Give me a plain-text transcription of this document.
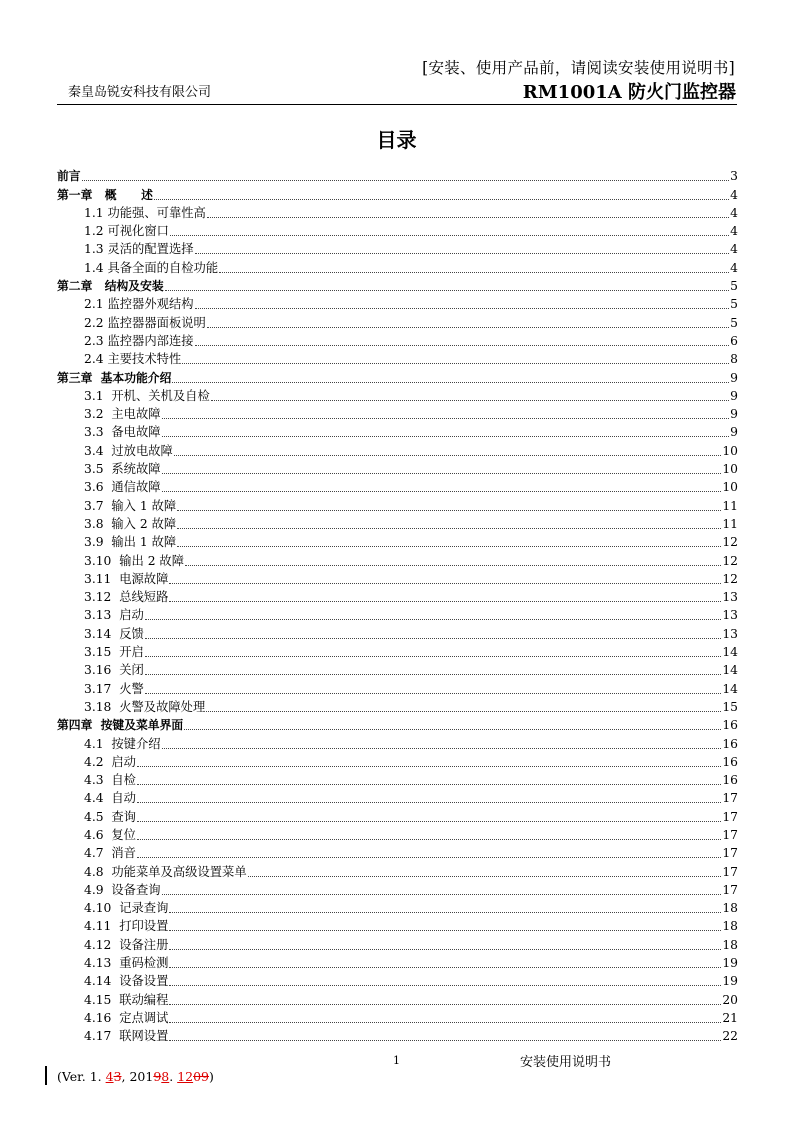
[安装、使用产品前，请阅读安装使用说明书]
秦皇岛锐安科技有限公司	RM1001A 防火门监控器
目录
前言	3
第一章   概      述	4
1.1 功能强、可靠性高	4
1.2 可视化窗口	4
1.3 灵活的配置选择	4
1.4 具备全面的自检功能	4
第二章   结构及安装	5
2.1 监控器外观结构	5
2.2 监控器器面板说明	5
2.3 监控器内部连接	6
2.4 主要技术特性	8
第三章  基本功能介绍	9
3.1  开机、关机及自检	9
3.2  主电故障	9
3.3  备电故障	9
3.4  过放电故障	10
3.5  系统故障	10
3.6  通信故障	10
3.7  输入 1 故障	11
3.8  输入 2 故障	11
3.9  输出 1 故障	12
3.10  输出 2 故障	12
3.11  电源故障	12
3.12  总线短路	13
3.13  启动	13
3.14  反馈	13
3.15  开启	14
3.16  关闭	14
3.17  火警	14
3.18  火警及故障处理	15
第四章  按键及菜单界面	16
4.1  按键介绍	16
4.2  启动	16
4.3  自检	16
4.4  自动	17
4.5  查询	17
4.6  复位	17
4.7  消音	17
4.8  功能菜单及高级设置菜单	17
4.9  设备查询	17
4.10  记录查询	18
4.11  打印设置	18
4.12  设备注册	18
4.13  重码检测	19
4.14  设备设置	19
4.15  联动编程	20
4.16  定点调试	21
4.17  联网设置	22
1	安装使用说明书
(Ver. 1. 43, 20198. 1209)
